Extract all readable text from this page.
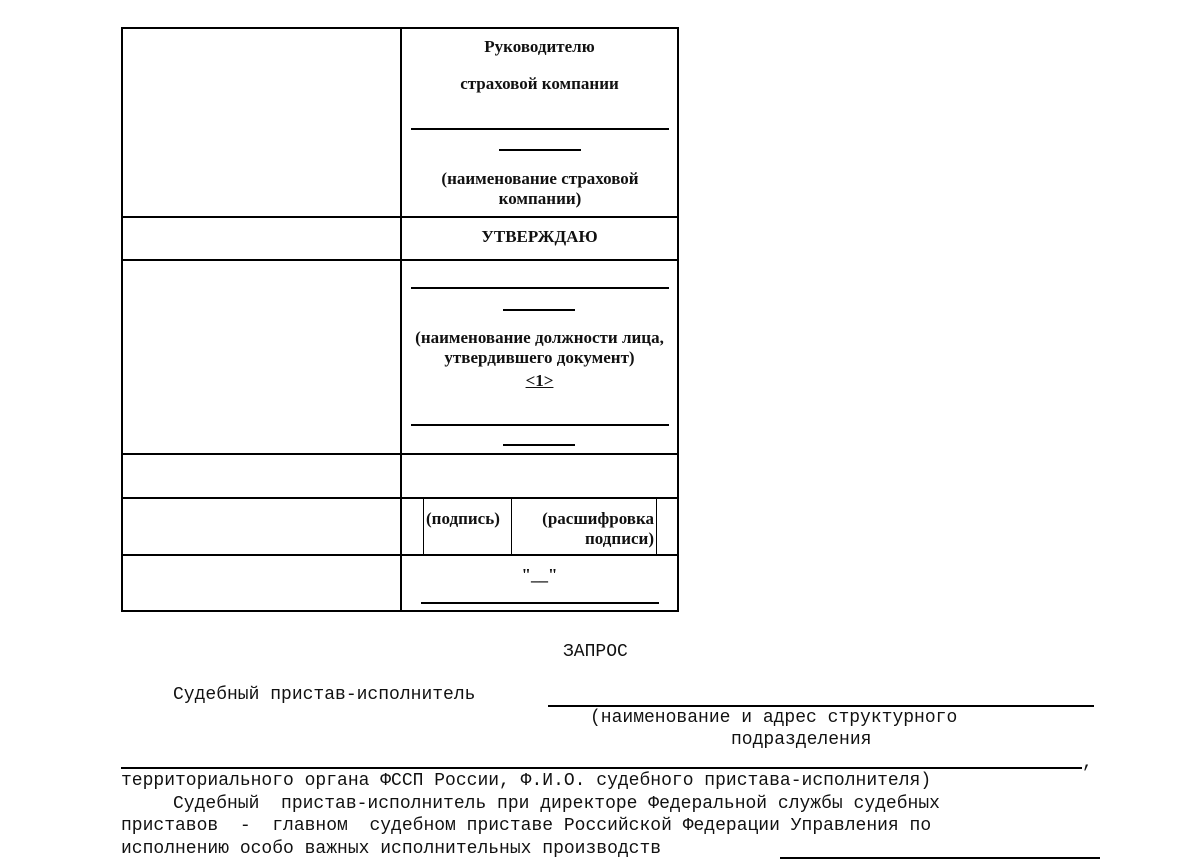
Руководителю
страховой компании
(наименование страховой компании)
УТВЕРЖДАЮ
(наименование должности лица, утвердившего документ)
<1>
(подпись)	(расшифровка подписи)
"__"
ЗАПРОС
Судебный пристав-исполнитель
(наименование и адрес структурного
подразделения
,
территориального органа ФССП России, Ф.И.О. судебного пристава-исполнителя)
Судебный  пристав-исполнитель при директоре Федеральной службы судебных
приставов  -  главном  судебном приставе Российской Федерации Управления по
исполнению особо важных исполнительных производств
